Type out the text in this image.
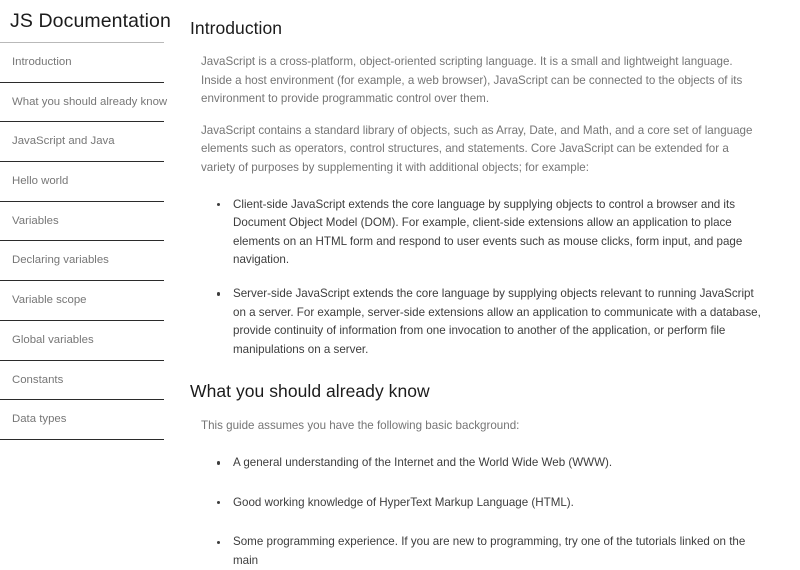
JS Documentation
Introduction
What you should already know
JavaScript and Java
Hello world
Variables
Declaring variables
Variable scope
Global variables
Constants
Data types
Introduction

JavaScript is a cross-platform, object-oriented scripting language. It is a small and lightweight language. Inside a host environment (for example, a web browser), JavaScript can be connected to the objects of its environment to provide programmatic control over them.

JavaScript contains a standard library of objects, such as Array, Date, and Math, and a core set of language elements such as operators, control structures, and statements. Core JavaScript can be extended for a variety of purposes by supplementing it with additional objects; for example:

Client-side JavaScript extends the core language by supplying objects to control a browser and its Document Object Model (DOM). For example, client-side extensions allow an application to place elements on an HTML form and respond to user events such as mouse clicks, form input, and page navigation.
Server-side JavaScript extends the core language by supplying objects relevant to running JavaScript on a server. For example, server-side extensions allow an application to communicate with a database, provide continuity of information from one invocation to another of the application, or perform file manipulations on a server.
What you should already know

This guide assumes you have the following basic background:

A general understanding of the Internet and the World Wide Web (WWW).
Good working knowledge of HyperText Markup Language (HTML).
Some programming experience. If you are new to programming, try one of the tutorials linked on the main
